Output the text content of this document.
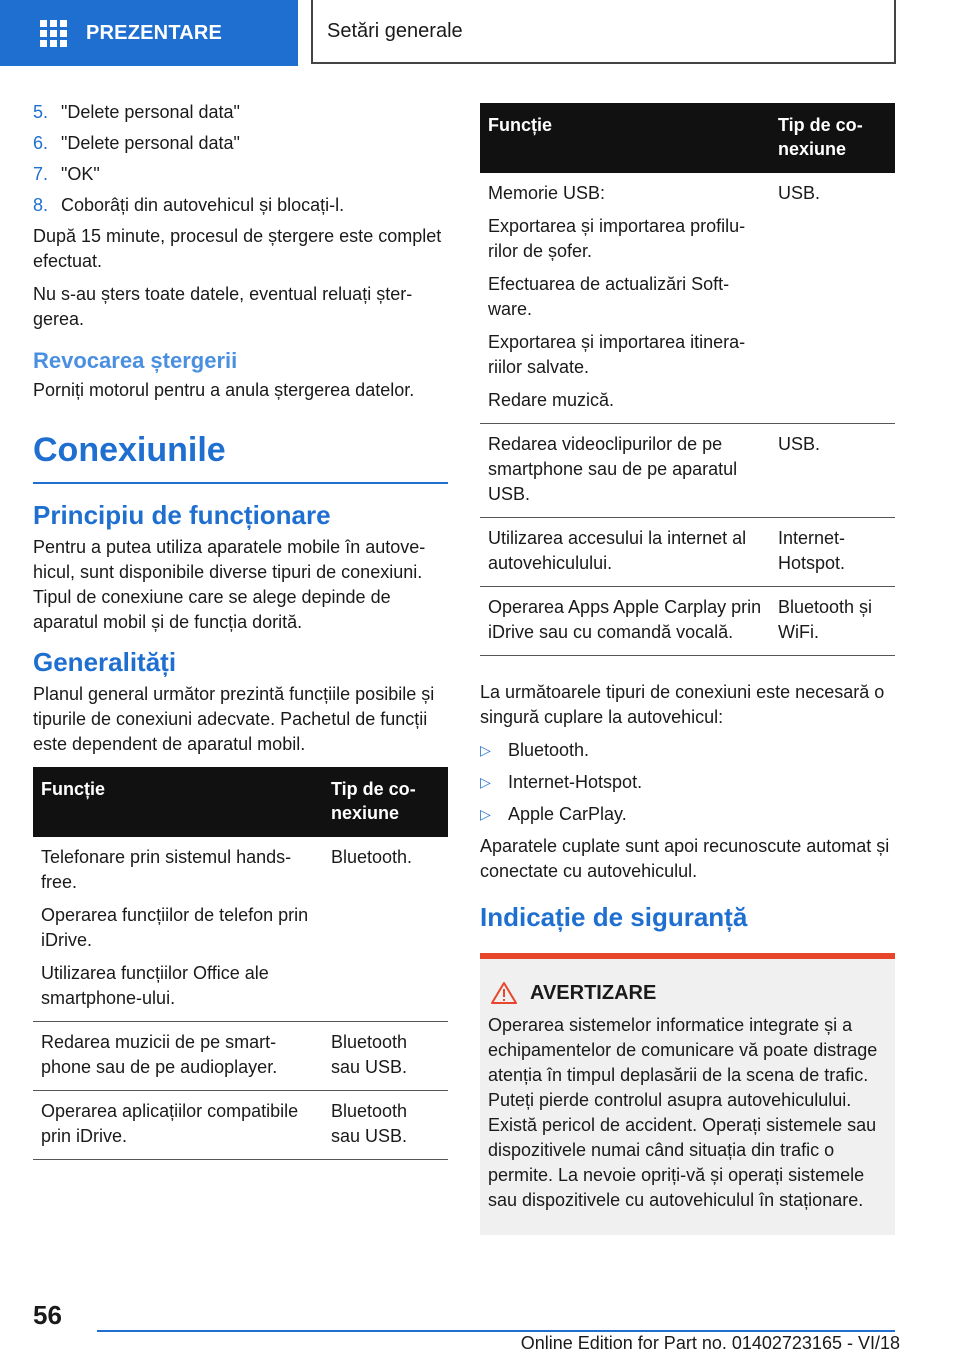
PREZENTARE	Setări generale
5. "Delete personal data"
6. "Delete personal data"
7. "OK"
8. Coborâți din autovehicul și blocați-l.

După 15 minute, procesul de ștergere este complet efectuat.

Nu s-au șters toate datele, eventual reluați ștergerea.

Revocarea ștergerii

Porniți motorul pentru a anula ștergerea datelor.

Conexiunile
Principiu de funcționare

Pentru a putea utiliza aparatele mobile în autovehicul, sunt disponibile diverse tipuri de conexiuni. Tipul de conexiune care se alege depinde de aparatul mobil și de funcția dorită.

Generalități

Planul general următor prezintă funcțiile posibile și tipurile de conexiuni adecvate. Pachetul de funcții este dependent de aparatul mobil.

Funcție	Tip de conexiune

Telefonare prin sistemul hands-free.
Operarea funcțiilor de telefon prin iDrive.
Utilizarea funcțiilor Office ale smartphone-ului.	Bluetooth.

Redarea muzicii de pe smartphone sau de pe audioplayer.	Bluetooth sau USB.

Operarea aplicațiilor compatibile prin iDrive.	Bluetooth sau USB.
Funcție	Tip de conexiune

Memorie USB:
Exportarea și importarea profilurilor de șofer.
Efectuarea de actualizări Software.
Exportarea și importarea itinerariilor salvate.
Redare muzică.	USB.

Redarea videoclipurilor de pe smartphone sau de pe aparatul USB.	USB.

Utilizarea accesului la internet al autovehiculului.	Internet-Hotspot.

Operarea Apps Apple Carplay prin iDrive sau cu comandă vocală.	Bluetooth și WiFi.

La următoarele tipuri de conexiuni este necesară o singură cuplare la autovehicul:

▷ Bluetooth.
▷ Internet-Hotspot.
▷ Apple CarPlay.

Aparatele cuplate sunt apoi recunoscute automat și conectate cu autovehiculul.

Indicație de siguranță
AVERTIZARE

Operarea sistemelor informatice integrate și a echipamentelor de comunicare vă poate distrage atenția în timpul deplasării de la scena de trafic. Puteți pierde controlul asupra autovehiculului. Există pericol de accident. Operați sistemele sau dispozitivele numai când situația din trafic o permite. La nevoie opriți-vă și operați sistemele sau dispozitivele cu autovehiculul în staționare.

56
Online Edition for Part no. 01402723165 - VI/18
